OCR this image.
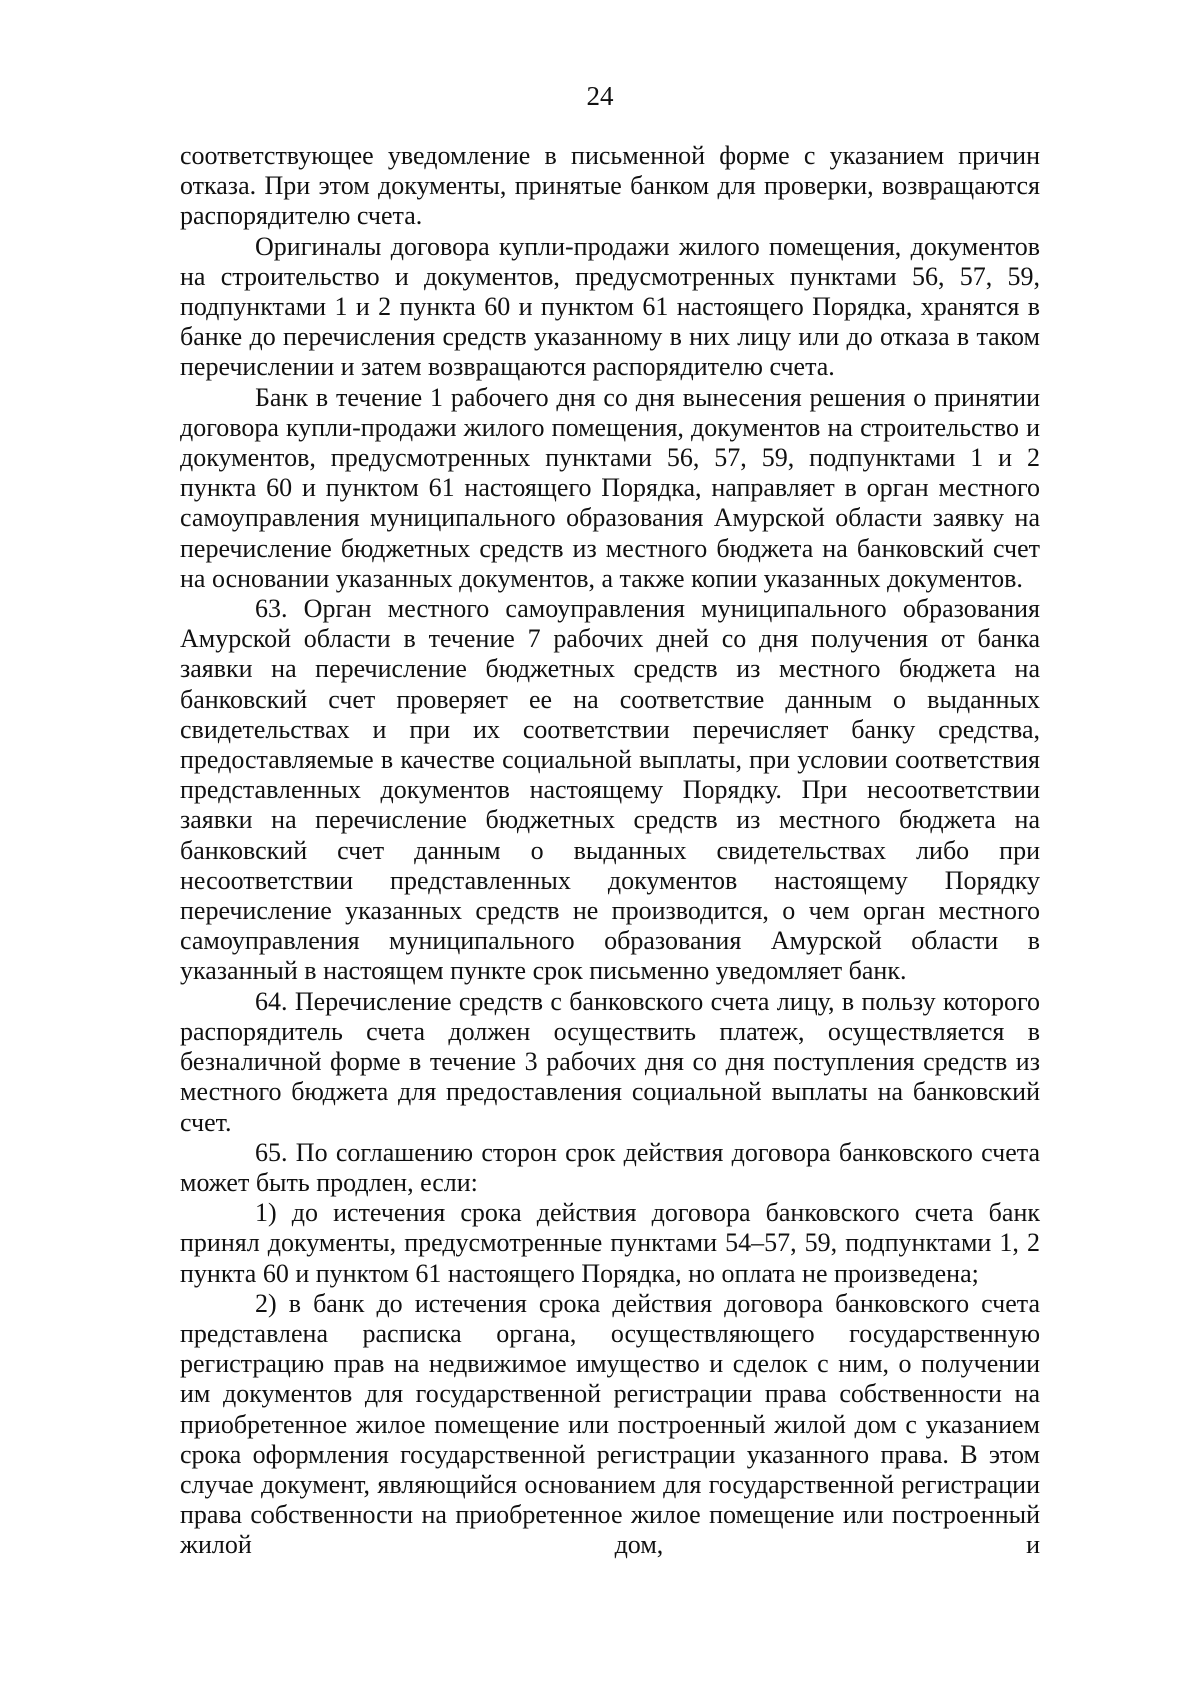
24

соответствующее уведомление в письменной форме с указанием причин отказа. При этом документы, принятые банком для проверки, возвращаются распорядителю счета.

Оригиналы договора купли-продажи жилого помещения, документов на строительство и документов, предусмотренных пунктами 56, 57, 59, подпунктами 1 и 2 пункта 60 и пунктом 61 настоящего Порядка, хранятся в банке до перечисления средств указанному в них лицу или до отказа в таком перечислении и затем возвращаются распорядителю счета.

Банк в течение 1 рабочего дня со дня вынесения решения о принятии договора купли-продажи жилого помещения, документов на строительство и документов, предусмотренных пунктами 56, 57, 59, подпунктами 1 и 2 пункта 60 и пунктом 61 настоящего Порядка, направляет в орган местного самоуправления муниципального образования Амурской области заявку на перечисление бюджетных средств из местного бюджета на банковский счет на основании указанных документов, а также копии указанных документов.

63. Орган местного самоуправления муниципального образования Амурской области в течение 7 рабочих дней со дня получения от банка заявки на перечисление бюджетных средств из местного бюджета на банковский счет проверяет ее на соответствие данным о выданных свидетельствах и при их соответствии перечисляет банку средства, предоставляемые в качестве социальной выплаты, при условии соответствия представленных документов настоящему Порядку. При несоответствии заявки на перечисление бюджетных средств из местного бюджета на банковский счет данным о выданных свидетельствах либо при несоответствии представленных документов настоящему Порядку перечисление указанных средств не производится, о чем орган местного самоуправления муниципального образования Амурской области в указанный в настоящем пункте срок письменно уведомляет банк.

64. Перечисление средств с банковского счета лицу, в пользу которого распорядитель счета должен осуществить платеж, осуществляется в безналичной форме в течение 3 рабочих дня со дня поступления средств из местного бюджета для предоставления социальной выплаты на банковский счет.

65. По соглашению сторон срок действия договора банковского счета может быть продлен, если:

1) до истечения срока действия договора банковского счета банк принял документы, предусмотренные пунктами 54–57, 59, подпунктами 1, 2 пункта 60 и пунктом 61 настоящего Порядка, но оплата не произведена;

2) в банк до истечения срока действия договора банковского счета представлена расписка органа, осуществляющего государственную регистрацию прав на недвижимое имущество и сделок с ним, о получении им документов для государственной регистрации права собственности на приобретенное жилое помещение или построенный жилой дом с указанием срока оформления государственной регистрации указанного права. В этом случае документ, являющийся основанием для государственной регистрации права собственности на приобретенное жилое помещение или построенный жилой дом, и
